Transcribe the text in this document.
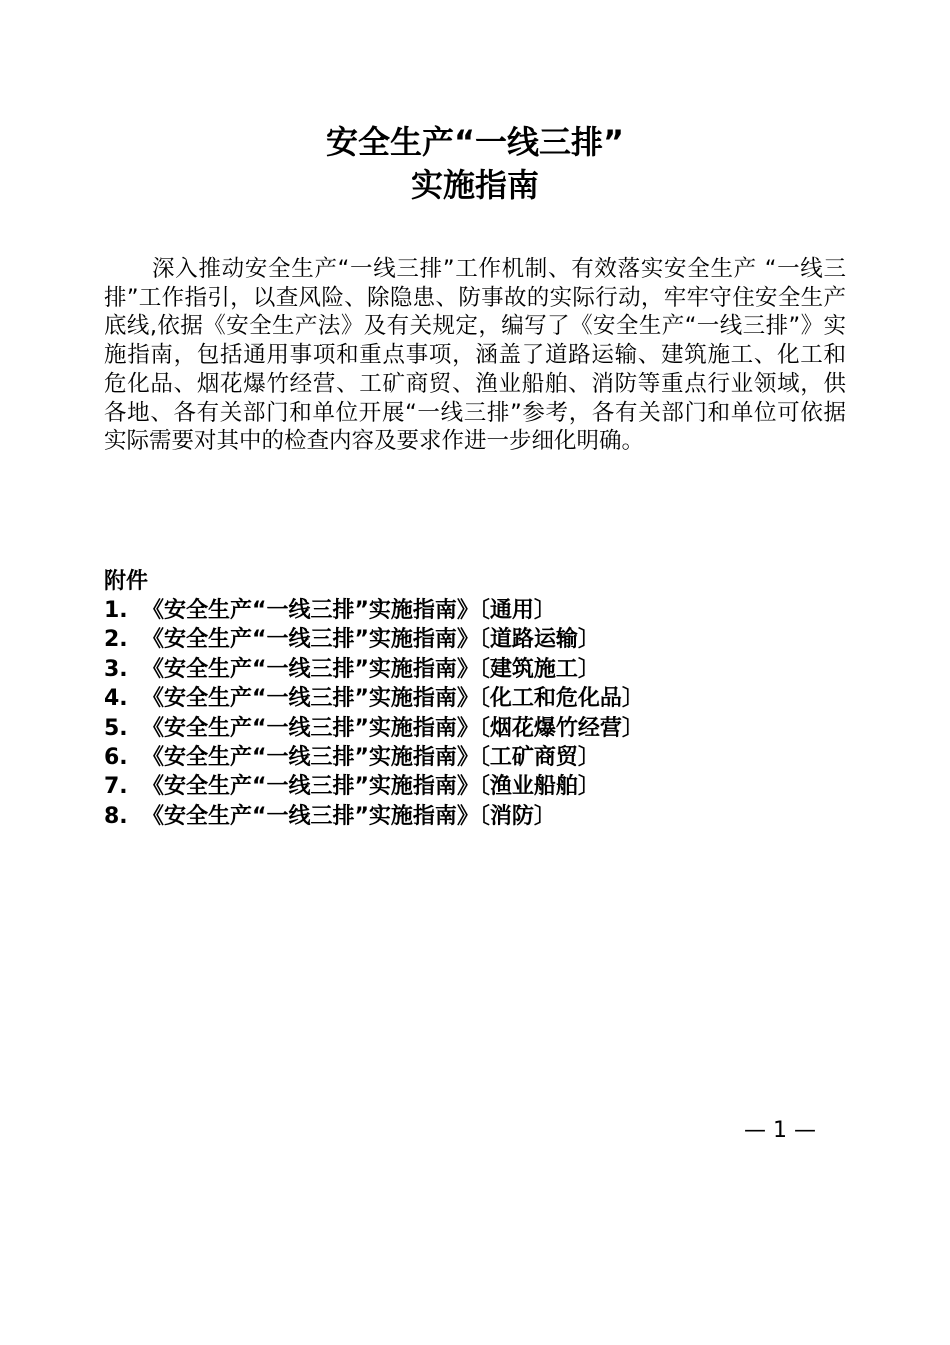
安全生产“一线三排”
实施指南
深入推动安全生产“一线三排”工作机制、有效落实安全生产 “一线三排”工作指引，以查风险、除隐患、防事故的实际行动，牢牢守住安全生产底线,依据《安全生产法》及有关规定，编写了《安全生产“一线三排”》实施指南，包括通用事项和重点事项，涵盖了道路运输、建筑施工、化工和危化品、烟花爆竹经营、工矿商贸、渔业船舶、消防等重点行业领域，供各地、各有关部门和单位开展“一线三排”参考，各有关部门和单位可依据实际需要对其中的检查内容及要求作进一步细化明确。
附件
1. 《安全生产“一线三排”实施指南》〔通用〕
2. 《安全生产“一线三排”实施指南》〔道路运输〕
3. 《安全生产“一线三排”实施指南》〔建筑施工〕
4. 《安全生产“一线三排”实施指南》〔化工和危化品〕
5. 《安全生产“一线三排”实施指南》〔烟花爆竹经营〕
6. 《安全生产“一线三排”实施指南》〔工矿商贸〕
7. 《安全生产“一线三排”实施指南》〔渔业船舶〕
8. 《安全生产“一线三排”实施指南》〔消防〕
— 1 —
